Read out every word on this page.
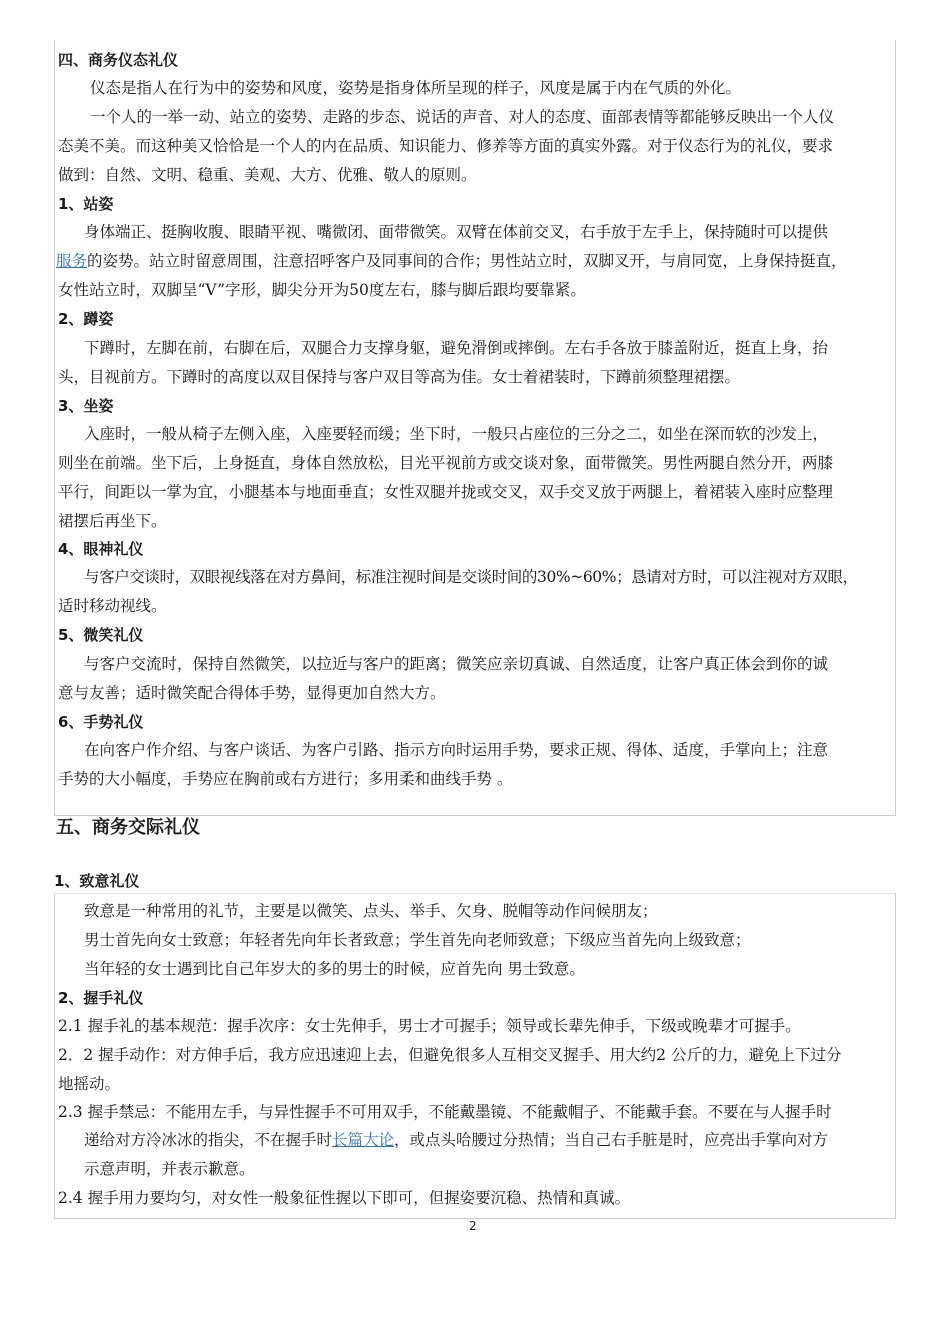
四、商务仪态礼仪
仪态是指人在行为中的姿势和风度，姿势是指身体所呈现的样子，风度是属于内在气质的外化。
一个人的一举一动、站立的姿势、走路的步态、说话的声音、对人的态度、面部表情等都能够反映出一个人仪
态美不美。而这种美又恰恰是一个人的内在品质、知识能力、修养等方面的真实外露。对于仪态行为的礼仪，要求
做到：自然、文明、稳重、美观、大方、优雅、敬人的原则。
1、站姿
身体端正、挺胸收腹、眼睛平视、嘴微闭、面带微笑。双臂在体前交叉，右手放于左手上，保持随时可以提供
服务的姿势。站立时留意周围，注意招呼客户及同事间的合作；男性站立时，双脚叉开，与肩同宽，上身保持挺直，
女性站立时，双脚呈“V”字形，脚尖分开为50度左右，膝与脚后跟均要靠紧。
2、蹲姿
下蹲时，左脚在前，右脚在后，双腿合力支撑身躯，避免滑倒或摔倒。左右手各放于膝盖附近，挺直上身，抬
头，目视前方。下蹲时的高度以双目保持与客户双目等高为佳。女士着裙装时，下蹲前须整理裙摆。
3、坐姿
入座时，一般从椅子左侧入座，入座要轻而缓；坐下时，一般只占座位的三分之二，如坐在深而软的沙发上，
则坐在前端。坐下后，上身挺直，身体自然放松，目光平视前方或交谈对象，面带微笑。男性两腿自然分开，两膝
平行，间距以一掌为宜，小腿基本与地面垂直；女性双腿并拢或交叉，双手交叉放于两腿上，着裙装入座时应整理
裙摆后再坐下。
4、眼神礼仪
与客户交谈时，双眼视线落在对方鼻间，标准注视时间是交谈时间的30%~60%；恳请对方时，可以注视对方双眼，
适时移动视线。
5、微笑礼仪
与客户交流时，保持自然微笑，以拉近与客户的距离；微笑应亲切真诚、自然适度，让客户真正体会到你的诚
意与友善；适时微笑配合得体手势，显得更加自然大方。
6、手势礼仪
在向客户作介绍、与客户谈话、为客户引路、指示方向时运用手势，要求正规、得体、适度，手掌向上；注意
手势的大小幅度，手势应在胸前或右方进行；多用柔和曲线手势 。
五、商务交际礼仪
1、致意礼仪
致意是一种常用的礼节，主要是以微笑、点头、举手、欠身、脱帽等动作问候朋友；
男士首先向女士致意；年轻者先向年长者致意；学生首先向老师致意；下级应当首先向上级致意；
当年轻的女士遇到比自己年岁大的多的男士的时候，应首先向 男士致意。
2、握手礼仪
2.1 握手礼的基本规范：握手次序：女士先伸手，男士才可握手；领导或长辈先伸手，下级或晚辈才可握手。
2．2 握手动作：对方伸手后，我方应迅速迎上去，但避免很多人互相交叉握手、用大约2 公斤的力，避免上下过分
地摇动。
2.3 握手禁忌：不能用左手，与异性握手不可用双手，不能戴墨镜、不能戴帽子、不能戴手套。不要在与人握手时
递给对方冷冰冰的指尖，不在握手时长篇大论，或点头哈腰过分热情；当自己右手脏是时，应亮出手掌向对方
示意声明，并表示歉意。
2.4 握手用力要均匀，对女性一般象征性握以下即可，但握姿要沉稳、热情和真诚。
2
